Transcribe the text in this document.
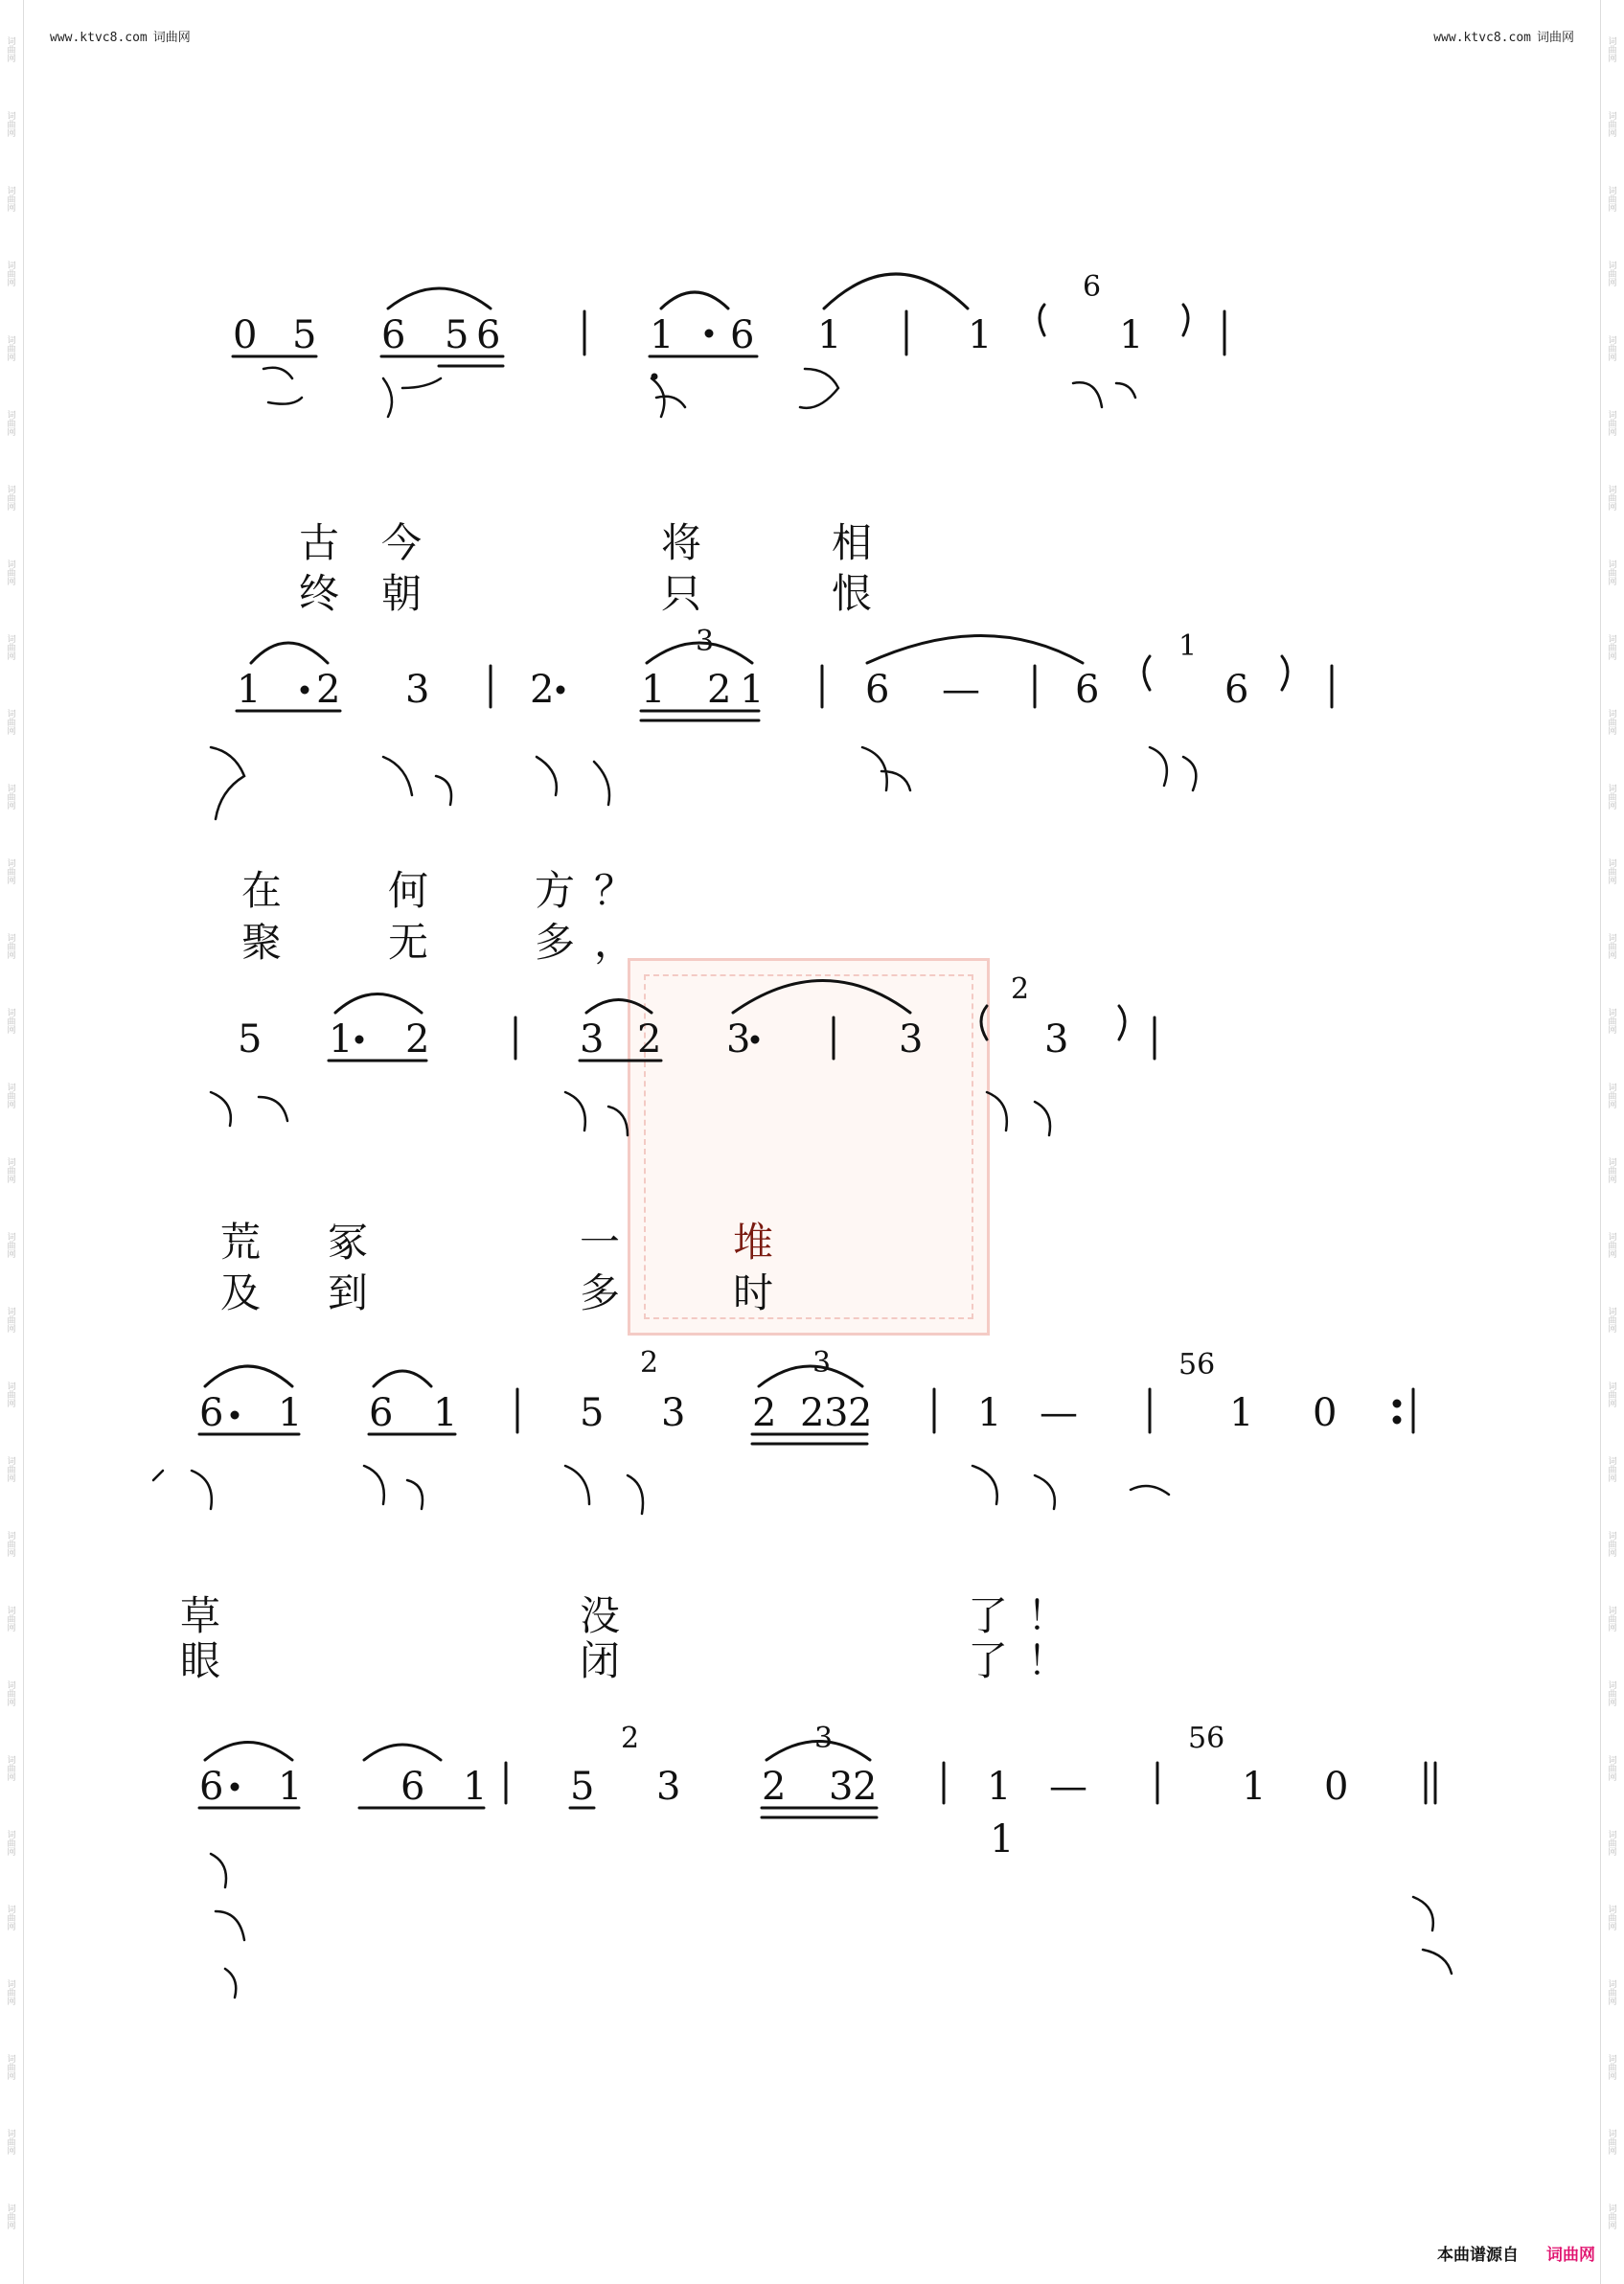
词
曲
网
词
曲
网
词
曲
网
词
曲
网
词
曲
网
词
曲
网
词
曲
网
词
曲
网
词
曲
网
词
曲
网
词
曲
网
词
曲
网
词
曲
网
词
曲
网
词
曲
网
词
曲
网
词
曲
网
词
曲
网
词
曲
网
词
曲
网
词
曲
网
词
曲
网
词
曲
网
词
曲
网
词
曲
网
词
曲
网
词
曲
网
词
曲
网
词
曲
网
词
曲
网
词
曲
网
词
曲
网
词
曲
网
词
曲
网
词
曲
网
词
曲
网
词
曲
网
词
曲
网
词
曲
网
词
曲
网
词
曲
网
词
曲
网
词
曲
网
词
曲
网
词
曲
网
词
曲
网
词
曲
网
词
曲
网
词
曲
网
词
曲
网
词
曲
网
词
曲
网
词
曲
网
词
曲
网
词
曲
网
词
曲
网
词
曲
网
词
曲
网
词
曲
网
词
曲
网
www.ktvc8.com 词曲网	www.ktvc8.com 词曲网
0 5 6 5 6	1 6 1	1	1
6
古 今	将	相
终 朝	只	恨
1 2 3	2 1 2 1	6 — 6	6
1
3
在	何	方 ？
聚	无	多 ，
5 1 2	3 2 3	3	3
2
荒 冢	一	堆
及 到	多	时
6 1 6 1	5 3 2 2 3 2	1 —	1 0
2	3	56
草	没	了 ！
眼	闭	了 ！
6 1	6 1 5 3 2 3 2	1 —	1 0
2	3	56
1
本曲谱源自 词曲网
